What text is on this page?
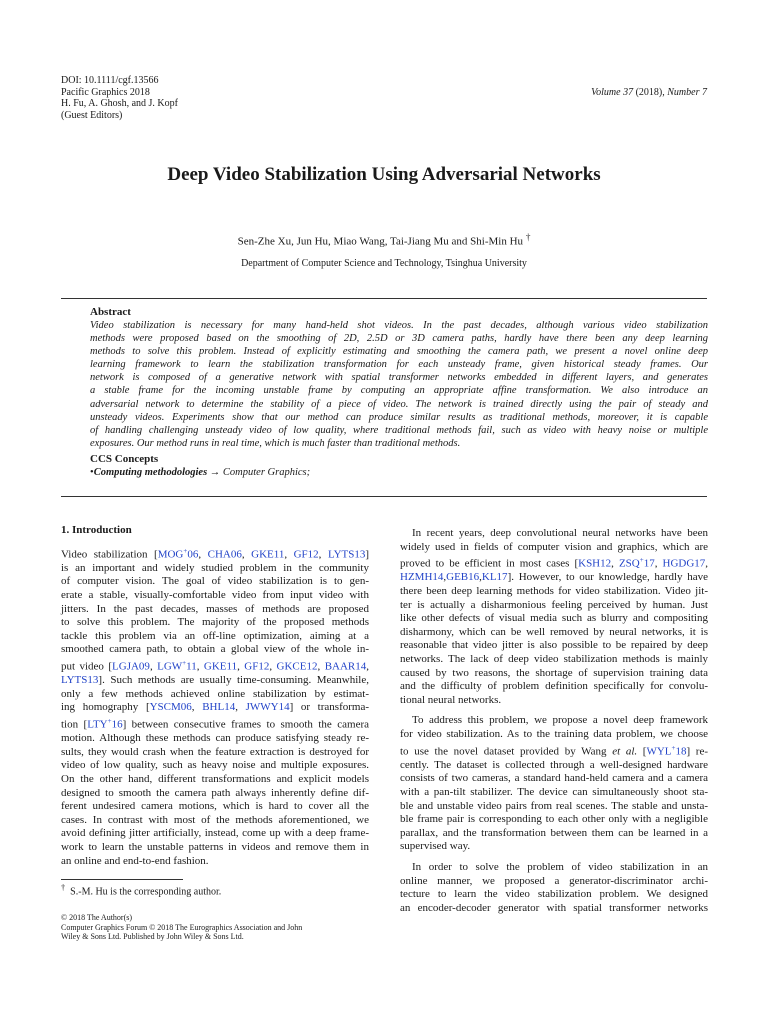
DOI: 10.1111/cgf.13566
Pacific Graphics 2018
H. Fu, A. Ghosh, and J. Kopf
(Guest Editors)
Volume 37 (2018), Number 7
Deep Video Stabilization Using Adversarial Networks
Sen-Zhe Xu, Jun Hu, Miao Wang, Tai-Jiang Mu and Shi-Min Hu †
Department of Computer Science and Technology, Tsinghua University
Abstract
Video stabilization is necessary for many hand-held shot videos. In the past decades, although various video stabilization
methods were proposed based on the smoothing of 2D, 2.5D or 3D camera paths, hardly have there been any deep learning
methods to solve this problem. Instead of explicitly estimating and smoothing the camera path, we present a novel online deep
learning framework to learn the stabilization transformation for each unsteady frame, given historical steady frames. Our
network is composed of a generative network with spatial transformer networks embedded in different layers, and generates
a stable frame for the incoming unstable frame by computing an appropriate affine transformation. We also introduce an
adversarial network to determine the stability of a piece of video. The network is trained directly using the pair of steady and
unsteady videos. Experiments show that our method can produce similar results as traditional methods, moreover, it is capable
of handling challenging unsteady video of low quality, where traditional methods fail, such as video with heavy noise or multiple
exposures. Our method runs in real time, which is much faster than traditional methods.
CCS Concepts
•Computing methodologies → Computer Graphics;
1. Introduction

Video stabilization [MOG+06, CHA06, GKE11, GF12, LYTS13]
is an important and widely studied problem in the community
of computer vision. The goal of video stabilization is to gen-
erate a stable, visually-comfortable video from input video with
jitters. In the past decades, masses of methods are proposed
to solve this problem. The majority of the proposed methods
tackle this problem via an off-line optimization, aiming at a
smoothed camera path, to obtain a global view of the whole in-
put video [LGJA09, LGW+11, GKE11, GF12, GKCE12, BAAR14,
LYTS13]. Such methods are usually time-consuming. Meanwhile,
only a few methods achieved online stabilization by estimat-
ing homography [YSCM06, BHL14, JWWY14] or transforma-
tion [LTY+16] between consecutive frames to smooth the camera
motion. Although these methods can produce satisfying steady re-
sults, they would crash when the feature extraction is destroyed for
video of low quality, such as heavy noise and multiple exposures.
On the other hand, different transformations and explicit models
designed to smooth the camera path always inherently define dif-
ferent undesired camera motions, which is hard to cover all the
cases. In contrast with most of the methods aforementioned, we
avoid defining jitter artificially, instead, come up with a deep frame-
work to learn the unstable patterns in videos and remove them in
an online and end-to-end fashion.

In recent years, deep convolutional neural networks have been
widely used in fields of computer vision and graphics, which are
proved to be efficient in most cases [KSH12, ZSQ+17, HGDG17,
HZMH14,GEB16,KL17]. However, to our knowledge, hardly have
there been deep learning methods for video stabilization. Video jit-
ter is actually a disharmonious feeling perceived by human. Just
like other defects of visual media such as blurry and compositing
disharmony, which can be well removed by neural networks, it is
reasonable that video jitter is also possible to be repaired by deep
networks. The lack of deep video stabilization methods is mainly
caused by two reasons, the shortage of supervision training data
and the difficulty of problem definition specifically for convolu-
tional neural networks.
To address this problem, we propose a novel deep framework
for video stabilization. As to the training data problem, we choose
to use the novel dataset provided by Wang et al. [WYL+18] re-
cently. The dataset is collected through a well-designed hardware
consists of two cameras, a standard hand-held camera and a camera
with a pan-tilt stabilizer. The device can simultaneously shoot sta-
ble and unstable video pairs from real scenes. The stable and unsta-
ble frame pair is corresponding to each other only with a negligible
parallax, and the transformation between them can be learned in a
supervised way.
In order to solve the problem of video stabilization in an
online manner, we proposed a generator-discriminator archi-
tecture to learn the video stabilization problem. We designed
an encoder-decoder generator with spatial transformer networks
† S.-M. Hu is the corresponding author.
© 2018 The Author(s)
Computer Graphics Forum © 2018 The Eurographics Association and John
Wiley & Sons Ltd. Published by John Wiley & Sons Ltd.
